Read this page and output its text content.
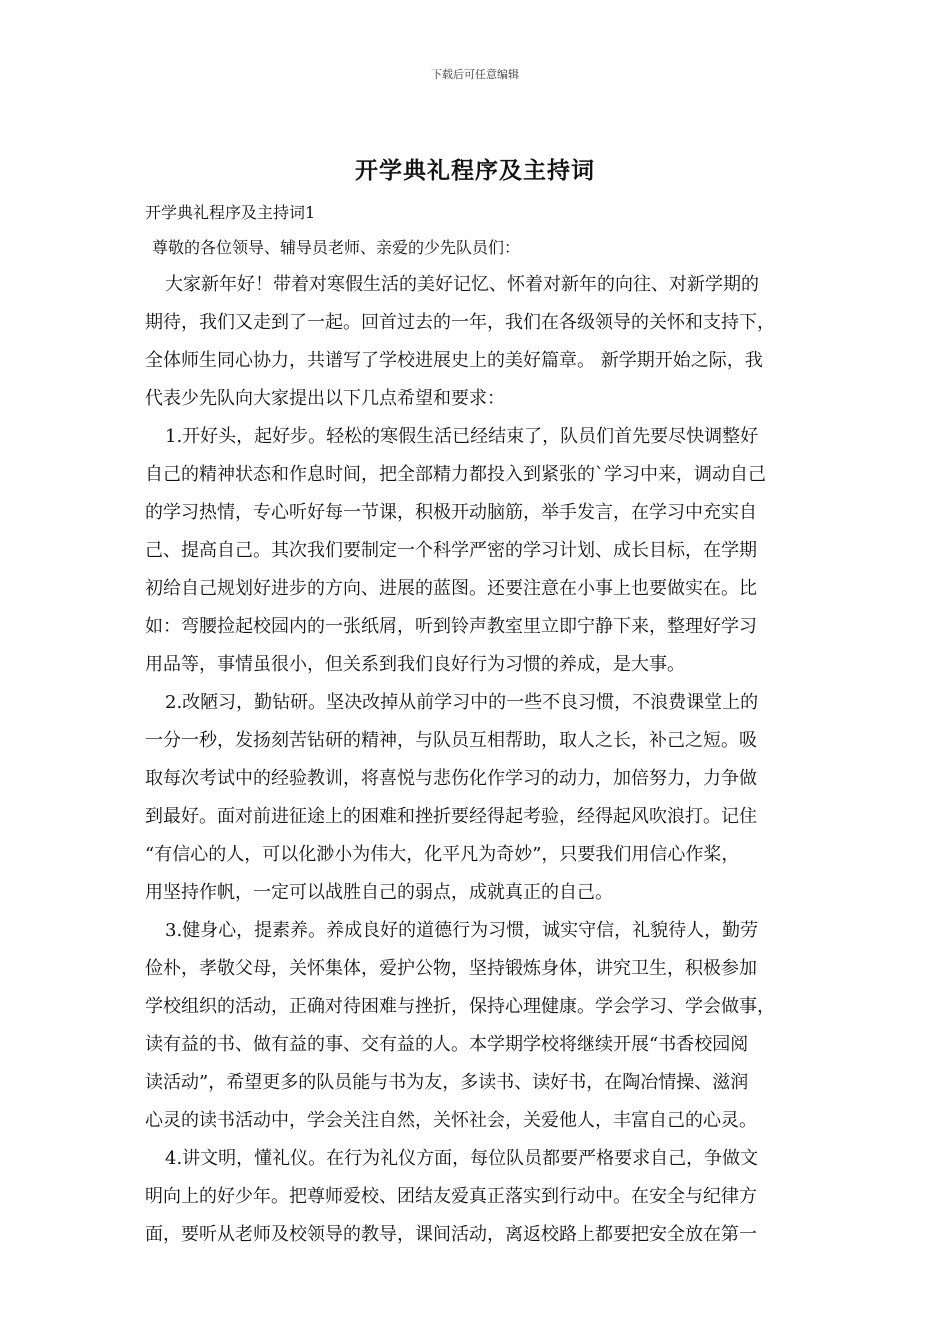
下载后可任意编辑
开学典礼程序及主持词
开学典礼程序及主持词1
尊敬的各位领导、辅导员老师、亲爱的少先队员们：
大家新年好！带着对寒假生活的美好记忆、怀着对新年的向往、对新学期的
期待，我们又走到了一起。回首过去的一年，我们在各级领导的关怀和支持下，
全体师生同心协力，共谱写了学校进展史上的美好篇章。 新学期开始之际，我
代表少先队向大家提出以下几点希望和要求：
1.开好头，起好步。轻松的寒假生活已经结束了，队员们首先要尽快调整好
自己的精神状态和作息时间，把全部精力都投入到紧张的`学习中来，调动自己
的学习热情，专心听好每一节课，积极开动脑筋，举手发言，在学习中充实自
己、提高自己。其次我们要制定一个科学严密的学习计划、成长目标，在学期
初给自己规划好进步的方向、进展的蓝图。还要注意在小事上也要做实在。比
如：弯腰捡起校园内的一张纸屑，听到铃声教室里立即宁静下来，整理好学习
用品等，事情虽很小，但关系到我们良好行为习惯的养成，是大事。
2.改陋习，勤钻研。坚决改掉从前学习中的一些不良习惯，不浪费课堂上的
一分一秒，发扬刻苦钻研的精神，与队员互相帮助，取人之长，补己之短。吸
取每次考试中的经验教训，将喜悦与悲伤化作学习的动力，加倍努力，力争做
到最好。面对前进征途上的困难和挫折要经得起考验，经得起风吹浪打。记住
“有信心的人，可以化渺小为伟大，化平凡为奇妙”，只要我们用信心作桨，
用坚持作帆，一定可以战胜自己的弱点，成就真正的自己。
3.健身心，提素养。养成良好的道德行为习惯，诚实守信，礼貌待人，勤劳
俭朴，孝敬父母，关怀集体，爱护公物，坚持锻炼身体，讲究卫生，积极参加
学校组织的活动，正确对待困难与挫折，保持心理健康。学会学习、学会做事，
读有益的书、做有益的事、交有益的人。本学期学校将继续开展“书香校园阅
读活动”，希望更多的队员能与书为友，多读书、读好书，在陶冶情操、滋润
心灵的读书活动中，学会关注自然，关怀社会，关爱他人，丰富自己的心灵。
4.讲文明，懂礼仪。在行为礼仪方面，每位队员都要严格要求自己，争做文
明向上的好少年。把尊师爱校、团结友爱真正落实到行动中。在安全与纪律方
面，要听从老师及校领导的教导，课间活动，离返校路上都要把安全放在第一
